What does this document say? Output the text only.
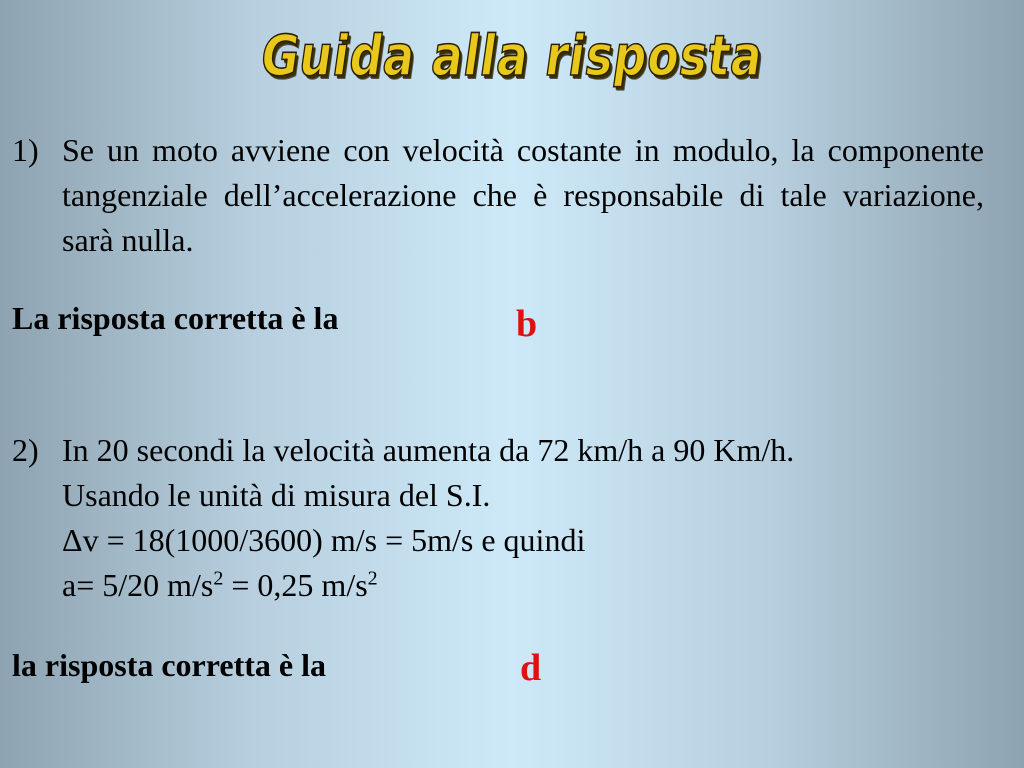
Guida alla risposta
1) Se un moto avviene con velocità costante in modulo, la componente tangenziale dell’accelerazione che è responsabile di tale variazione, sarà nulla.
La risposta corretta è la	b
2) In 20 secondi la velocità aumenta da 72 km/h a 90 Km/h.
Usando le unità di misura del S.I.
Δv = 18(1000/3600) m/s = 5m/s e quindi
a= 5/20 $m/s^2 = 0,25$ $m/s^2$
la risposta corretta è la	d
